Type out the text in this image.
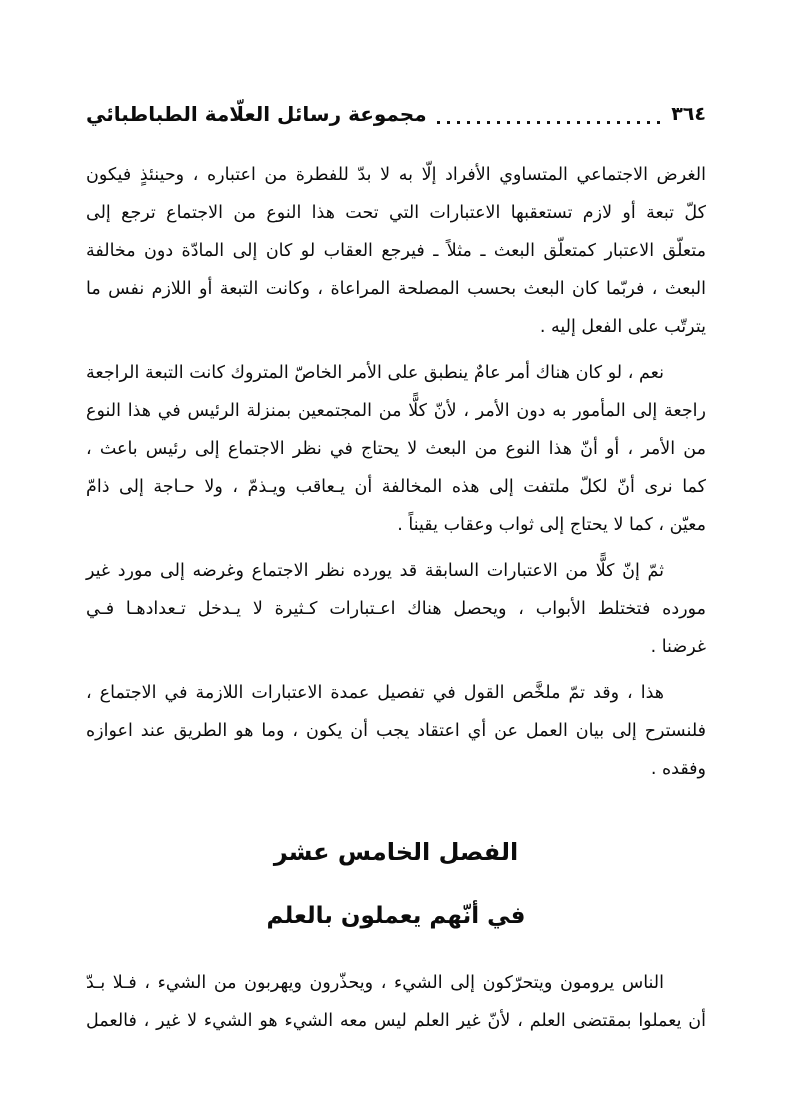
مجموعة رسائل العلّامة الطباطبائي	٣٦٤
الغرض الاجتماعي المتساوي الأفراد إلّا به لا بدّ للفطرة من اعتباره ، وحينئذٍ فيكون
كلّ تبعة أو لازم تستعقبها الاعتبارات التي تحت هذا النوع من الاجتماع ترجع إلى
متعلّق الاعتبار كمتعلّق البعث ـ مثلاً ـ فيرجع العقاب لو كان إلى المادّة دون مخالفة
البعث ، فربّما كان البعث بحسب المصلحة المراعاة ، وكانت التبعة أو اللازم نفس ما
يترتّب على الفعل إليه .
نعم ، لو كان هناك أمر عامٌ ينطبق على الأمر الخاصّ المتروك كانت التبعة الراجعة
راجعة إلى المأمور به دون الأمر ، لأنّ كلًّا من المجتمعين بمنزلة الرئيس في هذا النوع
من الأمر ، أو أنّ هذا النوع من البعث لا يحتاج في نظر الاجتماع إلى رئيس باعث ،
كما نرى أنّ لكلّ ملتفت إلى هذه المخالفة أن يـعاقب ويـذمّ ، ولا حـاجة إلى ذامّ
معيّن ، كما لا يحتاج إلى ثواب وعقاب يقيناً .
ثمّ إنّ كلًّا من الاعتبارات السابقة قد يورده نظر الاجتماع وغرضه إلى مورد غير
مورده فتختلط الأبواب ، ويحصل هناك اعـتبارات كـثيرة لا يـدخل تـعدادهـا فـي
غرضنا .
هذا ، وقد تمّ ملخَّص القول في تفصيل عمدة الاعتبارات اللازمة في الاجتماع ،
فلنسترح إلى بيان العمل عن أي اعتقاد يجب أن يكون ، وما هو الطريق عند اعوازه
وفقده .
الفصل الخامس عشر
في أنّهم يعملون بالعلم
الناس يرومون ويتحرّكون إلى الشيء ، ويحذّرون ويهربون من الشيء ، فـلا بـدّ
أن يعملوا بمقتضى العلم ، لأنّ غير العلم ليس معه الشيء هو الشيء لا غير ، فالعمل
